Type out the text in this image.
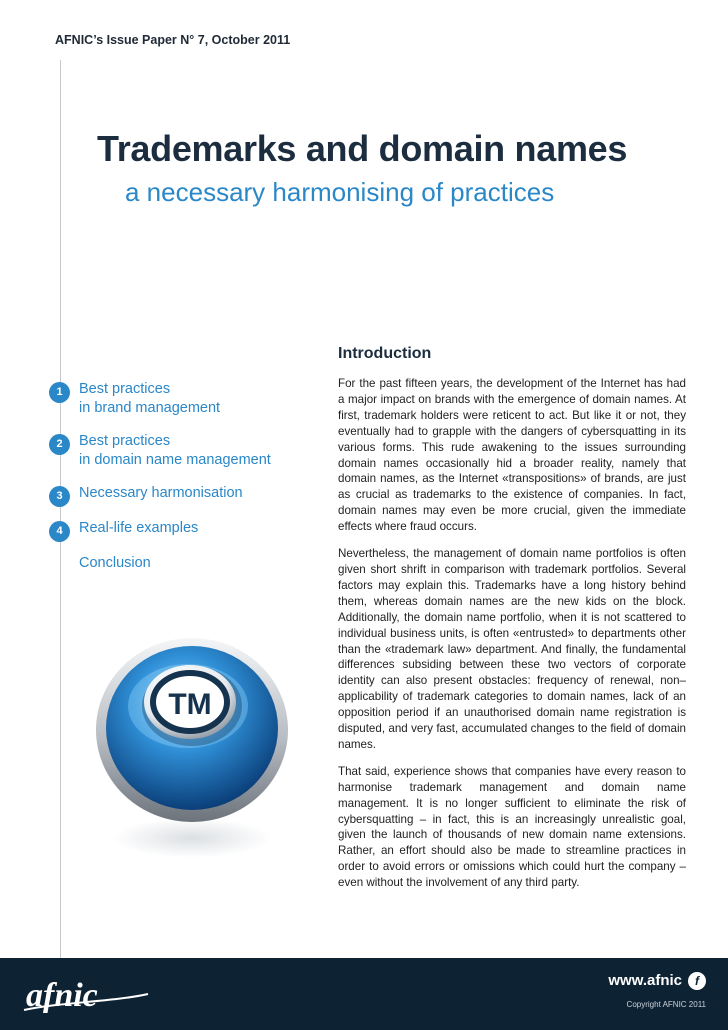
AFNIC’s Issue Paper N° 7, October 2011
Trademarks and domain names
a necessary harmonising of practices
1	Best practices
in brand management
2	Best practices
in domain name management
3	Necessary harmonisation
4	Real-life examples
Conclusion
TM
Introduction

For the past fifteen years, the development of the Internet has had a major impact on brands with the emergence of domain names. At first, trademark holders were reticent to act. But like it or not, they eventually had to grapple with the dangers of cybersquatting in its various forms. This rude awakening to the issues surrounding domain names occasionally hid a broader reality, namely that domain names, as the Internet «transpositions» of brands, are just as crucial as trademarks to the existence of companies. In fact, domain names may even be more crucial, given the immediate effects where fraud occurs.

Nevertheless, the management of domain name portfolios is often given short shrift in comparison with trademark portfolios. Several factors may explain this. Trademarks have a long history behind them, whereas domain names are the new kids on the block. Additionally, the domain name portfolio, when it is not scattered to individual business units, is often «entrusted» to departments other than the «trademark law» department. And finally, the fundamental differences subsiding between these two vectors of corporate identity can also present obstacles: frequency of renewal, non–applicability of trademark categories to domain names, lack of an opposition period if an unauthorised domain name registration is disputed, and very fast, accumulated changes to the field of domain names.

That said, experience shows that companies have every reason to harmonise trademark management and domain name management. It is no longer sufficient to eliminate the risk of cybersquatting – in fact, this is an increasingly unrealistic goal, given the launch of thousands of new domain name extensions. Rather, an effort should also be made to streamline practices in order to avoid errors or omissions which could hurt the company – even without the involvement of any third party.

afnic	www.afnic	f
Copyright AFNIC 2011
